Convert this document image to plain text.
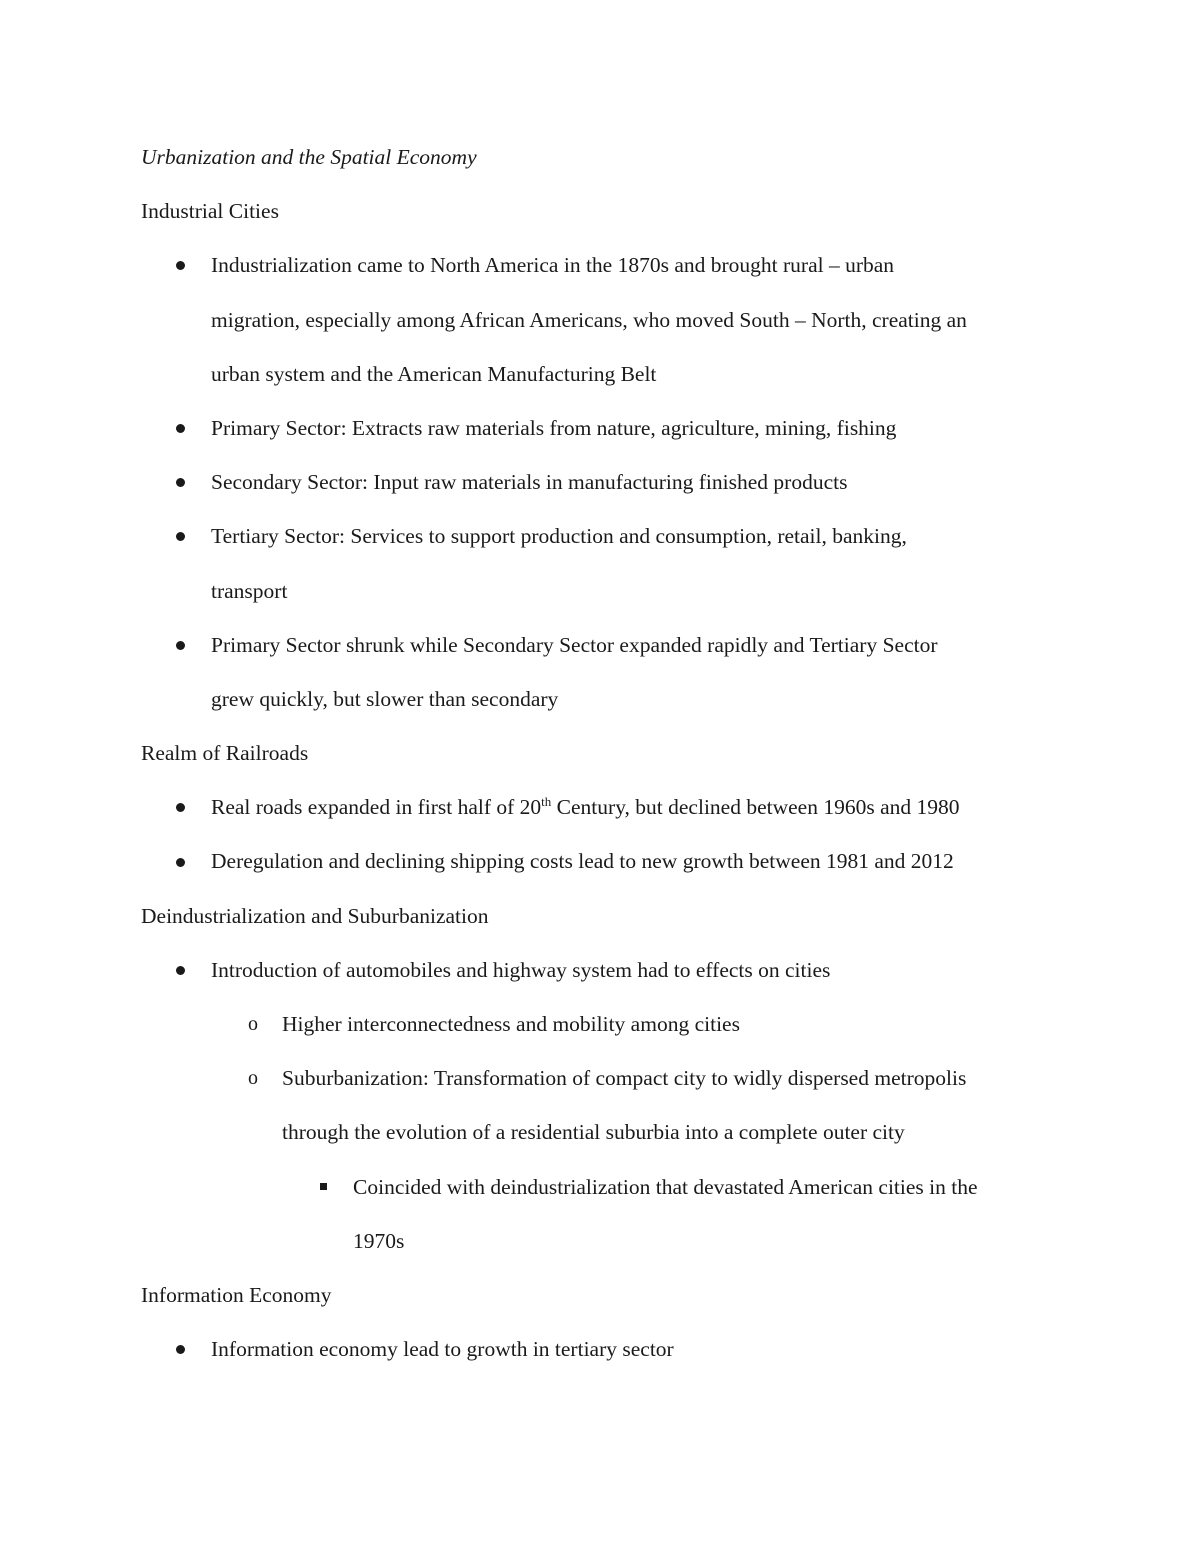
Urbanization and the Spatial Economy
Industrial Cities
Industrialization came to North America in the 1870s and brought rural – urban
migration, especially among African Americans, who moved South – North, creating an
urban system and the American Manufacturing Belt
Primary Sector: Extracts raw materials from nature, agriculture, mining, fishing
Secondary Sector: Input raw materials in manufacturing finished products
Tertiary Sector: Services to support production and consumption, retail, banking,
transport
Primary Sector shrunk while Secondary Sector expanded rapidly and Tertiary Sector
grew quickly, but slower than secondary
Realm of Railroads
Real roads expanded in first half of 20th Century, but declined between 1960s and 1980
Deregulation and declining shipping costs lead to new growth between 1981 and 2012
Deindustrialization and Suburbanization
Introduction of automobiles and highway system had to effects on cities
o Higher interconnectedness and mobility among cities
o Suburbanization: Transformation of compact city to widly dispersed metropolis
through the evolution of a residential suburbia into a complete outer city
Coincided with deindustrialization that devastated American cities in the
1970s
Information Economy
Information economy lead to growth in tertiary sector
